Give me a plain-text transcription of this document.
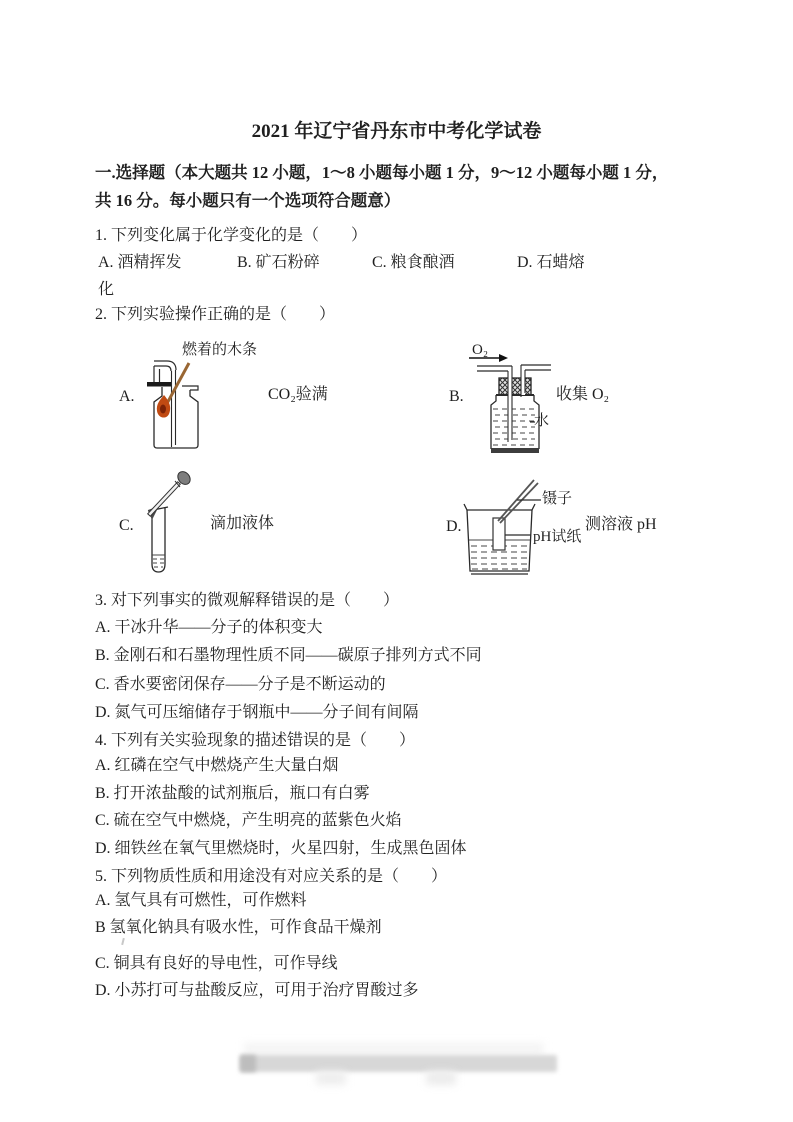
2021 年辽宁省丹东市中考化学试卷
一.选择题（本大题共 12 小题，1～8 小题每小题 1 分，9～12 小题每小题 1 分，
共 16 分。每小题只有一个选项符合题意）
1. 下列变化属于化学变化的是（　　）
A. 酒精挥发	B. 矿石粉碎	C. 粮食酿酒	D. 石蜡熔
化
2. 下列实验操作正确的是（　　）
燃着的木条
A.	CO₂验满	B.
O₂
水
收集 O₂
C.	滴加液体	D.
镊子
pH试纸
测溶液 pH
3. 对下列事实的微观解释错误的是（　　）
A. 干冰升华——分子的体积变大
B. 金刚石和石墨物理性质不同——碳原子排列方式不同
C. 香水要密闭保存——分子是不断运动的
D. 氮气可压缩储存于钢瓶中——分子间有间隔
4. 下列有关实验现象的描述错误的是（　　）
A. 红磷在空气中燃烧产生大量白烟
B. 打开浓盐酸的试剂瓶后，瓶口有白雾
C. 硫在空气中燃烧，产生明亮的蓝紫色火焰
D. 细铁丝在氧气里燃烧时，火星四射，生成黑色固体
5. 下列物质性质和用途没有对应关系的是（　　）
A. 氢气具有可燃性，可作燃料
B 氢氧化钠具有吸水性，可作食品干燥剂
C. 铜具有良好的导电性，可作导线
D. 小苏打可与盐酸反应，可用于治疗胃酸过多
